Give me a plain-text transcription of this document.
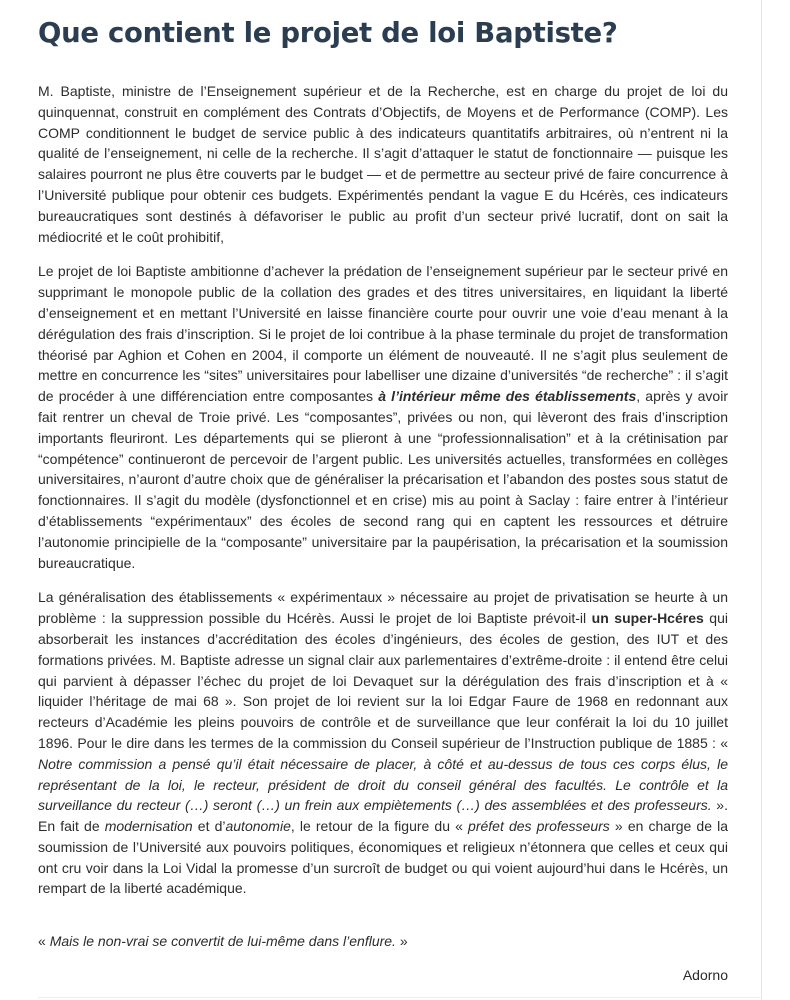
Que contient le projet de loi Baptiste?

M. Baptiste, ministre de l’Enseignement supérieur et de la Recherche, est en charge du projet de loi du quinquennat, construit en complément des Contrats d’Objectifs, de Moyens et de Performance (COMP). Les COMP conditionnent le budget de service public à des indicateurs quantitatifs arbitraires, où n’entrent ni la qualité de l’enseignement, ni celle de la recherche. Il s’agit d’attaquer le statut de fonctionnaire — puisque les salaires pourront ne plus être couverts par le budget — et de permettre au secteur privé de faire concurrence à l’Université publique pour obtenir ces budgets. Expérimentés pendant la vague E du Hcérès, ces indicateurs bureaucratiques sont destinés à défavoriser le public au profit d’un secteur privé lucratif, dont on sait la médiocrité et le coût prohibitif,

Le projet de loi Baptiste ambitionne d’achever la prédation de l’enseignement supérieur par le secteur privé en supprimant le monopole public de la collation des grades et des titres universitaires, en liquidant la liberté d’enseignement et en mettant l’Université en laisse financière courte pour ouvrir une voie d’eau menant à la dérégulation des frais d’inscription. Si le projet de loi contribue à la phase terminale du projet de transformation théorisé par Aghion et Cohen en 2004, il comporte un élément de nouveauté. Il ne s’agit plus seulement de mettre en concurrence les “sites” universitaires pour labelliser une dizaine d’universités “de recherche” : il s’agit de procéder à une différenciation entre composantes à l’intérieur même des établissements, après y avoir fait rentrer un cheval de Troie privé. Les “composantes”, privées ou non, qui lèveront des frais d’inscription importants fleuriront. Les départements qui se plieront à une “professionnalisation” et à la crétinisation par “compétence” continueront de percevoir de l’argent public. Les universités actuelles, transformées en collèges universitaires, n’auront d’autre choix que de généraliser la précarisation et l’abandon des postes sous statut de fonctionnaires. Il s’agit du modèle (dysfonctionnel et en crise) mis au point à Saclay : faire entrer à l’intérieur d’établissements “expérimentaux” des écoles de second rang qui en captent les ressources et détruire l’autonomie principielle de la “composante” universitaire par la paupérisation, la précarisation et la soumission bureaucratique.

La généralisation des établissements « expérimentaux » nécessaire au projet de privatisation se heurte à un problème : la suppression possible du Hcérès. Aussi le projet de loi Baptiste prévoit-il un super-Hcéres qui absorberait les instances d’accréditation des écoles d’ingénieurs, des écoles de gestion, des IUT et des formations privées. M. Baptiste adresse un signal clair aux parlementaires d’extrême-droite : il entend être celui qui parvient à dépasser l’échec du projet de loi Devaquet sur la dérégulation des frais d’inscription et à « liquider l’héritage de mai 68 ». Son projet de loi revient sur la loi Edgar Faure de 1968 en redonnant aux recteurs d’Académie les pleins pouvoirs de contrôle et de surveillance que leur conférait la loi du 10 juillet 1896. Pour le dire dans les termes de la commission du Conseil supérieur de l’Instruction publique de 1885 : « Notre commission a pensé qu’il était nécessaire de placer, à côté et au-dessus de tous ces corps élus, le représentant de la loi, le recteur, président de droit du conseil général des facultés. Le contrôle et la surveillance du recteur (…) seront (…) un frein aux empiètements (…) des assemblées et des professeurs. ». En fait de modernisation et d’autonomie, le retour de la figure du « préfet des professeurs » en charge de la soumission de l’Université aux pouvoirs politiques, économiques et religieux n’étonnera que celles et ceux qui ont cru voir dans la Loi Vidal la promesse d’un surcroît de budget ou qui voient aujourd’hui dans le Hcérès, un rempart de la liberté académique.

« Mais le non-vrai se convertit de lui-même dans l’enflure. »

Adorno
